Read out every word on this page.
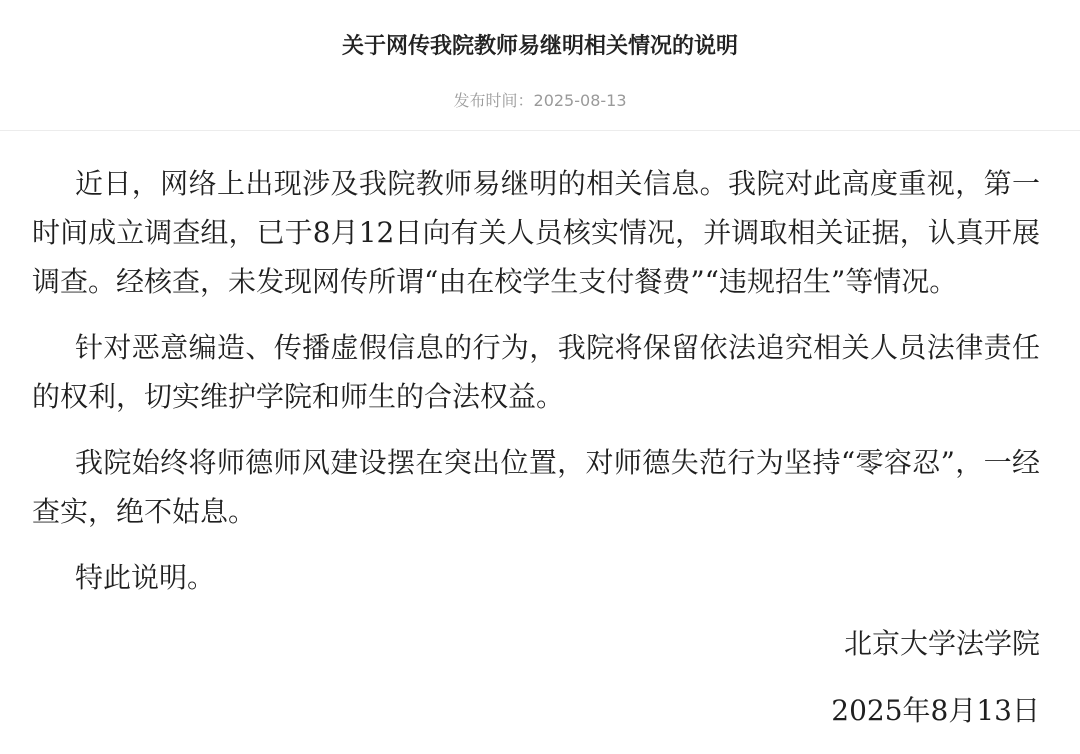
关于网传我院教师易继明相关情况的说明
发布时间：2025-08-13

近日，网络上出现涉及我院教师易继明的相关信息。我院对此高度重视，第一时间成立调查组，已于8月12日向有关人员核实情况，并调取相关证据，认真开展调查。经核查，未发现网传所谓“由在校学生支付餐费”“违规招生”等情况。

针对恶意编造、传播虚假信息的行为，我院将保留依法追究相关人员法律责任的权利，切实维护学院和师生的合法权益。

我院始终将师德师风建设摆在突出位置，对师德失范行为坚持“零容忍”，一经查实，绝不姑息。

特此说明。

北京大学法学院

2025年8月13日
